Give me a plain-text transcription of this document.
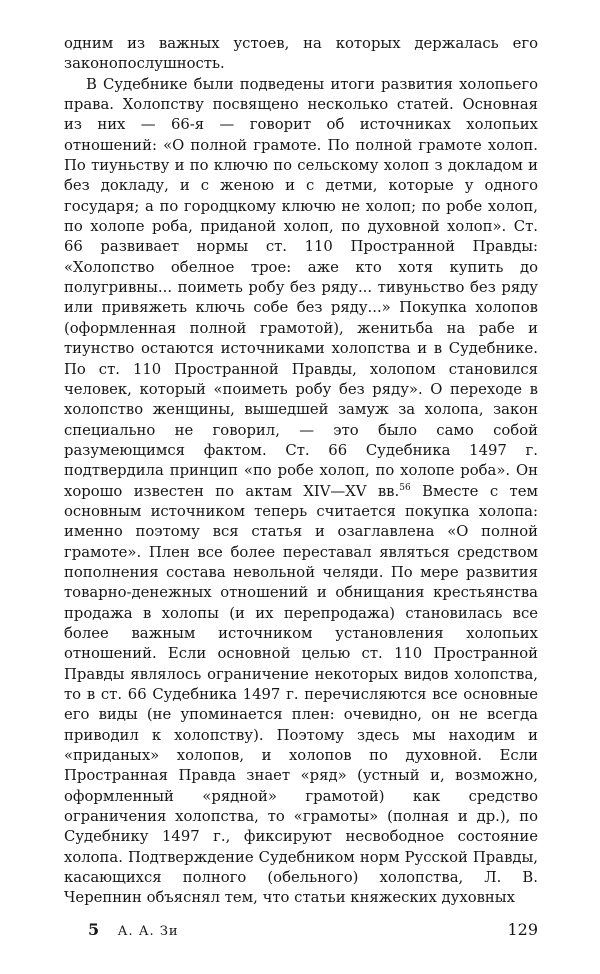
одним из важных устоев, на которых держалась его законопослушность.

В Судебнике были подведены итоги развития холопьего права. Холопству посвящено несколько статей. Основная из них — 66-я — говорит об источниках холопьих отношений: «О полной грамоте. По полной грамоте холоп. По тиуньству и по ключю по сельскому холоп з докладом и без докладу, и с женою и с детми, которые у одного государя; а по городцкому ключю не холоп; по робе холоп, по холопе роба, приданой холоп, по духовной холоп». Ст. 66 развивает нормы ст. 110 Пространной Правды: «Холопство обелное трое: аже кто хотя купить до полугривны... поиметь робу без ряду... тивуньство без ряду или привяжеть ключь собе без ряду...» Покупка холопов (оформленная полной грамотой), женитьба на рабе и тиунство остаются источниками холопства и в Судебнике. По ст. 110 Пространной Правды, холопом становился человек, который «поиметь робу без ряду». О переходе в холопство женщины, вышедшей замуж за холопа, закон специально не говорил, — это было само собой разумеющимся фактом. Ст. 66 Судебника 1497 г. подтвердила принцип «по робе холоп, по холопе роба». Он хорошо известен по актам XIV—XV вв.$^{56}$ Вместе с тем основным источником теперь считается покупка холопа: именно поэтому вся статья и озаглавлена «О полной грамоте». Плен все более переставал являться средством пополнения состава невольной челяди. По мере развития товарно-денежных отношений и обнищания крестьянства продажа в холопы (и их перепродажа) становилась все более важным источником установления холопьих отношений. Если основной целью ст. 110 Пространной Правды являлось ограничение некоторых видов холопства, то в ст. 66 Судебника 1497 г. перечисляются все основные его виды (не упоминается плен: очевидно, он не всегда приводил к холопству). Поэтому здесь мы находим и «приданых» холопов, и холопов по духовной. Если Пространная Правда знает «ряд» (устный и, возможно, оформленный «рядной» грамотой) как средство ограничения холопства, то «грамоты» (полная и др.), по Судебнику 1497 г., фиксируют несвободное состояние холопа. Подтверждение Судебником норм Русской Правды, касающихся полного (обельного) холопства, Л. В. Черепнин объяснял тем, что статьи княжеских духовных

5 А. А. Зи	129
